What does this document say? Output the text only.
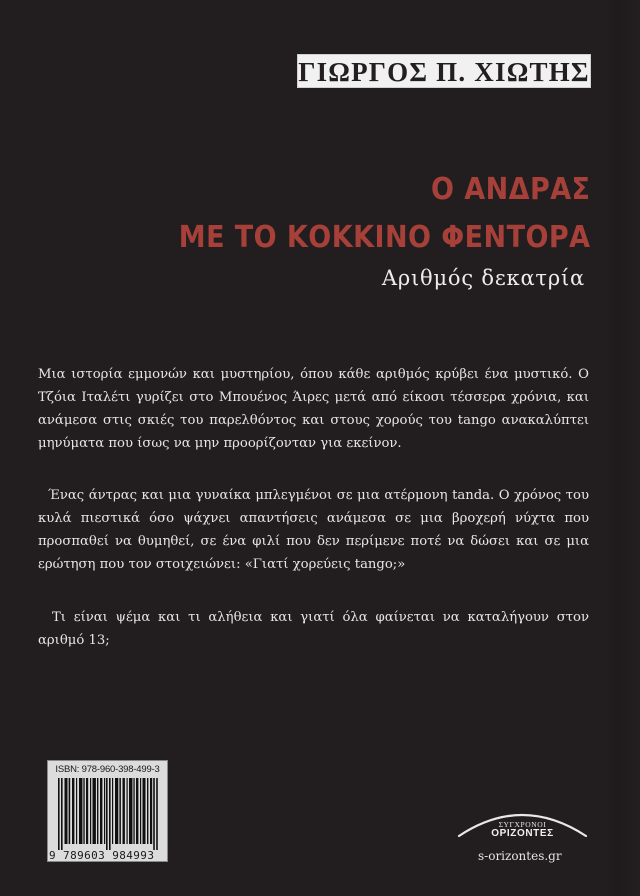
ΓΙΩΡΓΟΣ Π. ΧΙΩΤΗΣ
Ο ΑΝΔΡΑΣ
ΜΕ ΤΟ ΚΟΚΚΙΝΟ ΦΕΝΤΟΡΑ
Αριθμός δεκατρία

Μια ιστορία εμμονών και μυστηρίου, όπου κάθε αριθμός κρύβει ένα μυστικό. Ο Τζόια Ιταλέτι γυρίζει στο Μπουένος Άιρες μετά από είκοσι τέσσερα χρόνια, και ανάμεσα στις σκιές του παρελθόντος και στους χορούς του tango ανακαλύπτει μηνύματα που ίσως να μην προορίζονταν για εκείνον.

Ένας άντρας και μια γυναίκα μπλεγμένοι σε μια ατέρμονη tanda. Ο χρόνος του κυλά πιεστικά όσο ψάχνει απαντήσεις ανάμεσα σε μια βροχερή νύχτα που προσπαθεί να θυμηθεί, σε ένα φιλί που δεν περίμενε ποτέ να δώσει και σε μια ερώτηση που τον στοιχειώνει: «Γιατί χορεύεις tango;»

Τι είναι ψέμα και τι αλήθεια και γιατί όλα φαίνεται να καταλήγουν στον αριθμό 13;

ISBN: 978-960-398-499-3
9 789603 984993
ΣΥΓΧΡΟΝΟΙ
ΟΡΙΖΟΝΤΕΣ
s-orizontes.gr
